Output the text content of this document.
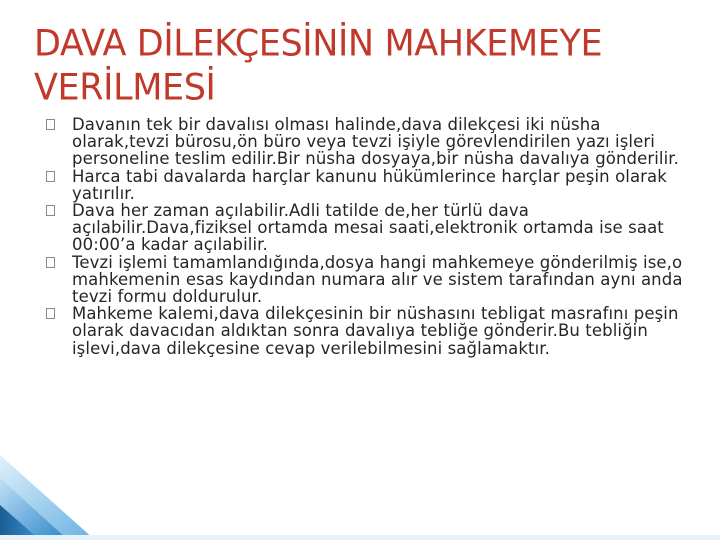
DAVA DİLEKÇESİNİN MAHKEMEYE
VERİLMESİ
Davanın tek bir davalısı olması halinde,dava dilekçesi iki nüsha olarak,tevzi bürosu,ön büro veya tevzi işiyle görevlendirilen yazı işleri personeline teslim edilir.Bir nüsha dosyaya,bir nüsha davalıya gönderilir.
Harca tabi davalarda harçlar kanunu hükümlerince harçlar peşin olarak yatırılır.
Dava her zaman açılabilir.Adli tatilde de,her türlü dava açılabilir.Dava,fiziksel ortamda mesai saati,elektronik ortamda ise saat 00:00’a kadar açılabilir.
Tevzi işlemi tamamlandığında,dosya hangi mahkemeye gönderilmiş ise,o mahkemenin esas kaydından numara alır ve sistem tarafından aynı anda tevzi formu doldurulur.
Mahkeme kalemi,dava dilekçesinin bir nüshasını tebligat masrafını peşin olarak davacıdan aldıktan sonra davalıya tebliğe gönderir.Bu tebliğin işlevi,dava dilekçesine cevap verilebilmesini sağlamaktır.
